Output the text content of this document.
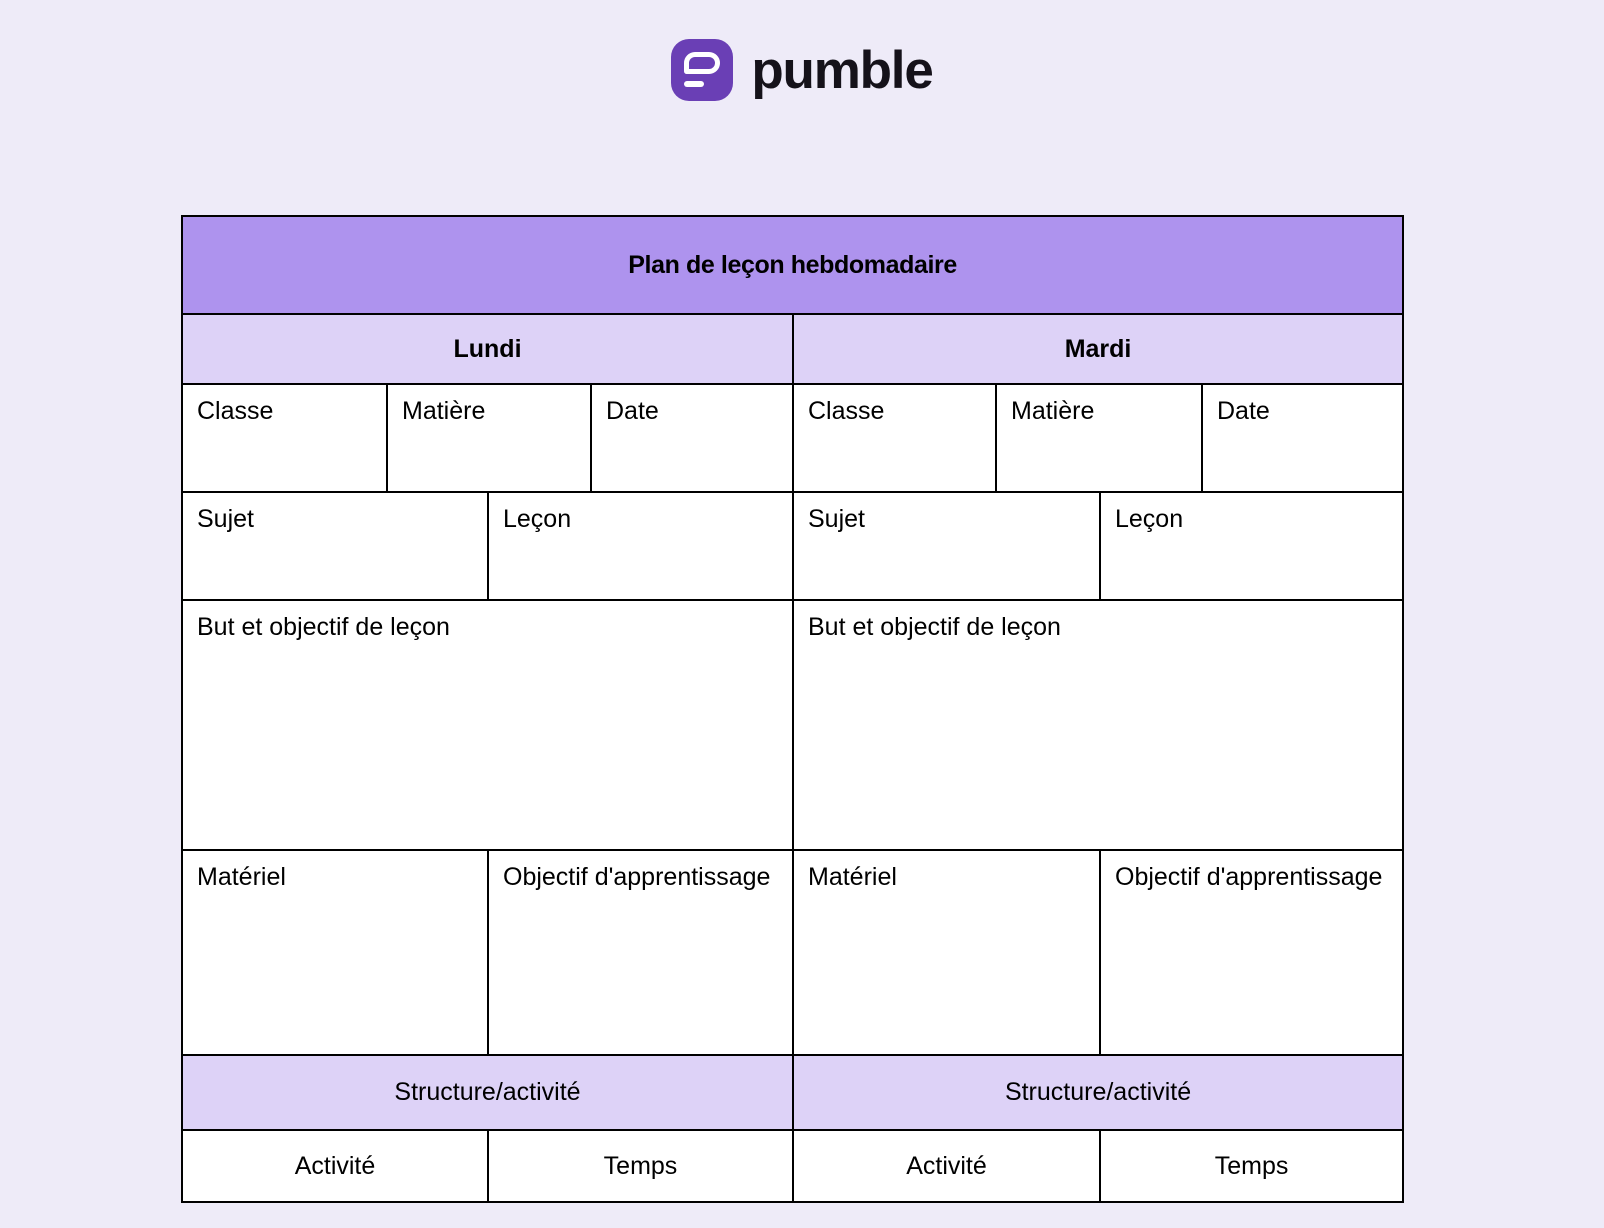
pumble
Plan de leçon hebdomadaire							
Lundi				Mardi			
Classe	Matière		Date	Classe	Matière		Date
Sujet		Leçon		Sujet		Leçon	
But et objectif de leçon				But et objectif de leçon			
Matériel		Objectif d'apprentissage		Matériel		Objectif d'apprentissage	
Structure/activité				Structure/activité			
Activité		Temps		Activité		Temps	
